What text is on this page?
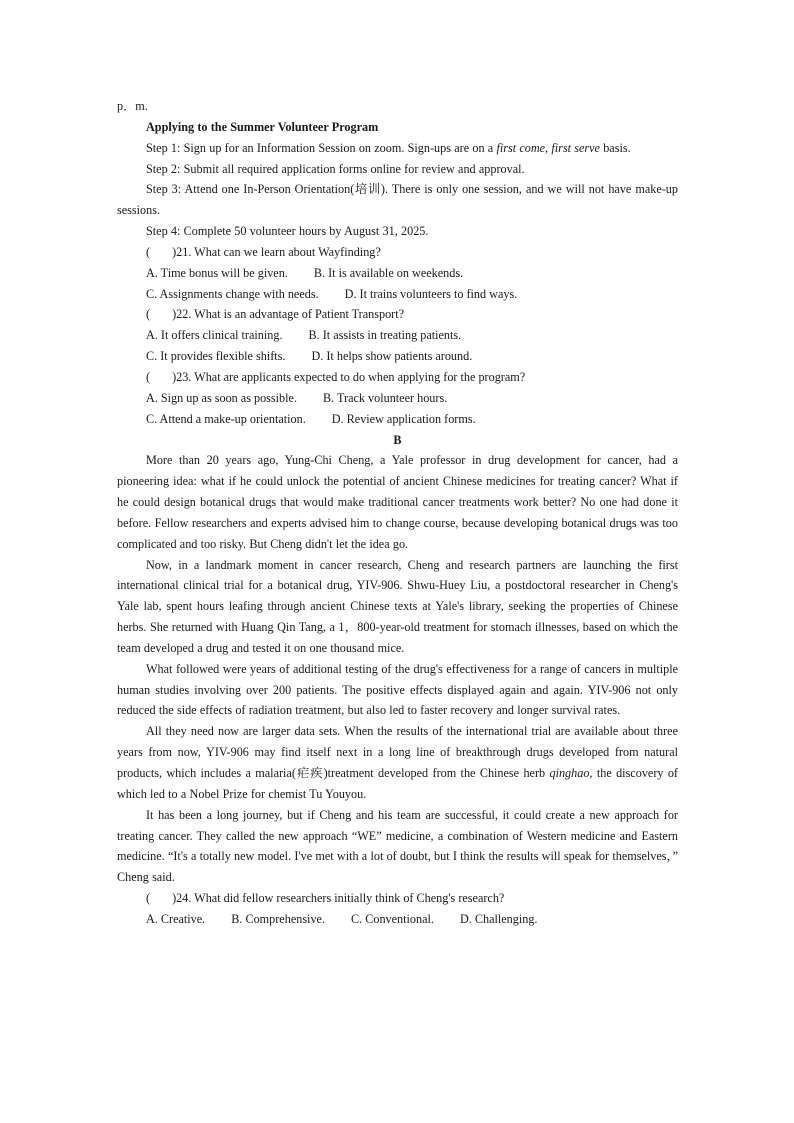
p．m.

Applying to the Summer Volunteer Program

Step 1: Sign up for an Information Session on zoom. Sign-ups are on a first come, first serve basis.

Step 2: Submit all required application forms online for review and approval.

Step 3: Attend one In-Person Orientation(培训). There is only one session, and we will not have make-up sessions.

Step 4: Complete 50 volunteer hours by August 31, 2025.

( )21. What can we learn about Wayfinding?

A. Time bonus will be given. B. It is available on weekends.

C. Assignments change with needs. D. It trains volunteers to find ways.

( )22. What is an advantage of Patient Transport?

A. It offers clinical training. B. It assists in treating patients.

C. It provides flexible shifts. D. It helps show patients around.

( )23. What are applicants expected to do when applying for the program?

A. Sign up as soon as possible. B. Track volunteer hours.

C. Attend a make-up orientation. D. Review application forms.

B

More than 20 years ago, Yung-Chi Cheng, a Yale professor in drug development for cancer, had a pioneering idea: what if he could unlock the potential of ancient Chinese medicines for treating cancer? What if he could design botanical drugs that would make traditional cancer treatments work better? No one had done it before. Fellow researchers and experts advised him to change course, because developing botanical drugs was too complicated and too risky. But Cheng didn't let the idea go.

Now, in a landmark moment in cancer research, Cheng and research partners are launching the first international clinical trial for a botanical drug, YIV-906. Shwu-Huey Liu, a postdoctoral researcher in Cheng's Yale lab, spent hours leafing through ancient Chinese texts at Yale's library, seeking the properties of Chinese herbs. She returned with Huang Qin Tang, a 1，800-year-old treatment for stomach illnesses, based on which the team developed a drug and tested it on one thousand mice.

What followed were years of additional testing of the drug's effectiveness for a range of cancers in multiple human studies involving over 200 patients. The positive effects displayed again and again. YIV-906 not only reduced the side effects of radiation treatment, but also led to faster recovery and longer survival rates.

All they need now are larger data sets. When the results of the international trial are available about three years from now, YIV-906 may find itself next in a long line of breakthrough drugs developed from natural products, which includes a malaria(疟疾)treatment developed from the Chinese herb qinghao, the discovery of which led to a Nobel Prize for chemist Tu Youyou.

It has been a long journey, but if Cheng and his team are successful, it could create a new approach for treating cancer. They called the new approach “WE” medicine, a combination of Western medicine and Eastern medicine. “It's a totally new model. I've met with a lot of doubt, but I think the results will speak for themselves，” Cheng said.

( )24. What did fellow researchers initially think of Cheng's research?

A. Creative. B. Comprehensive. C. Conventional. D. Challenging.
